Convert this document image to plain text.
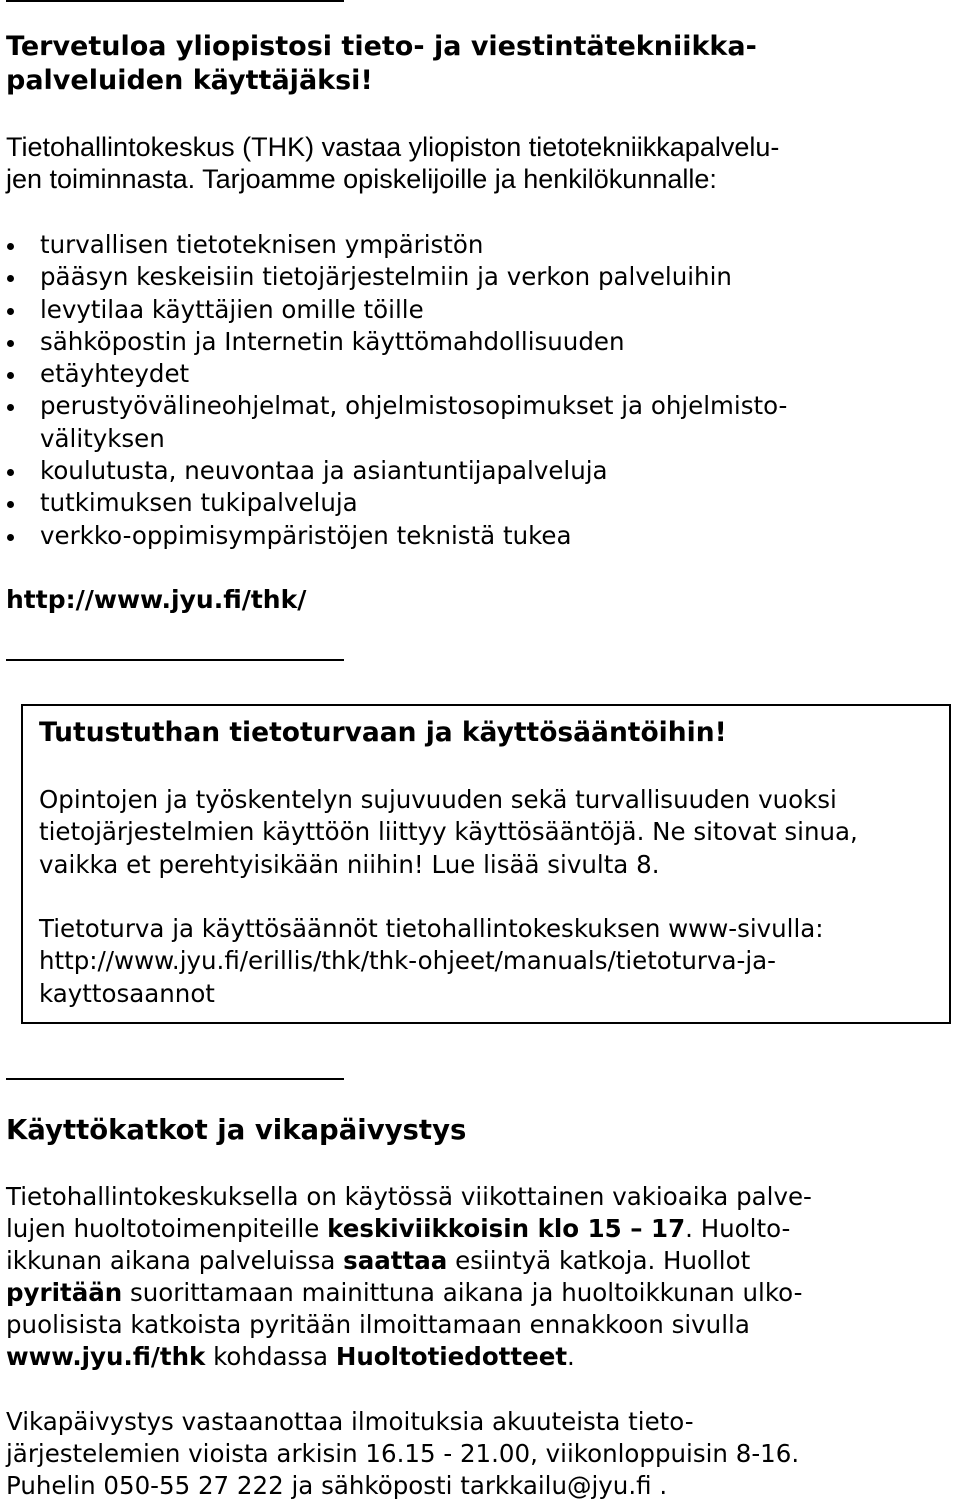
Tervetuloa yliopistosi tieto- ja viestintätekniikka-
palveluiden käyttäjäksi!

Tietohallintokeskus (THK) vastaa yliopiston tietotekniikkapalvelu-
jen toiminnasta. Tarjoamme opiskelijoille ja henkilökunnalle:

turvallisen tietoteknisen ympäristön
pääsyn keskeisiin tietojärjestelmiin ja verkon palveluihin
levytilaa käyttäjien omille töille
sähköpostin ja Internetin käyttömahdollisuuden
etäyhteydet
perustyövälineohjelmat, ohjelmistosopimukset ja ohjelmisto-
välityksen
koulutusta, neuvontaa ja asiantuntijapalveluja
tutkimuksen tukipalveluja
verkko-oppimisympäristöjen teknistä tukea
http://www.jyu.fi/thk/
Tutustuthan tietoturvaan ja käyttösääntöihin!

Opintojen ja työskentelyn sujuvuuden sekä turvallisuuden vuoksi
tietojärjestelmien käyttöön liittyy käyttösääntöjä. Ne sitovat sinua,
vaikka et perehtyisikään niihin! Lue lisää sivulta 8.

Tietoturva ja käyttösäännöt tietohallintokeskuksen www-sivulla:
http://www.jyu.fi/erillis/thk/thk-ohjeet/manuals/tietoturva-ja-
kayttosaannot

Käyttökatkot ja vikapäivystys

Tietohallintokeskuksella on käytössä viikottainen vakioaika palve-
lujen huoltotoimenpiteille keskiviikkoisin klo 15 – 17. Huolto-
ikkunan aikana palveluissa saattaa esiintyä katkoja. Huollot
pyritään suorittamaan mainittuna aikana ja huoltoikkunan ulko-
puolisista katkoista pyritään ilmoittamaan ennakkoon sivulla
www.jyu.fi/thk kohdassa Huoltotiedotteet.

Vikapäivystys vastaanottaa ilmoituksia akuuteista tieto-
järjestelemien vioista arkisin 16.15 - 21.00, viikonloppuisin 8-16.
Puhelin 050-55 27 222 ja sähköposti tarkkailu@jyu.fi .
